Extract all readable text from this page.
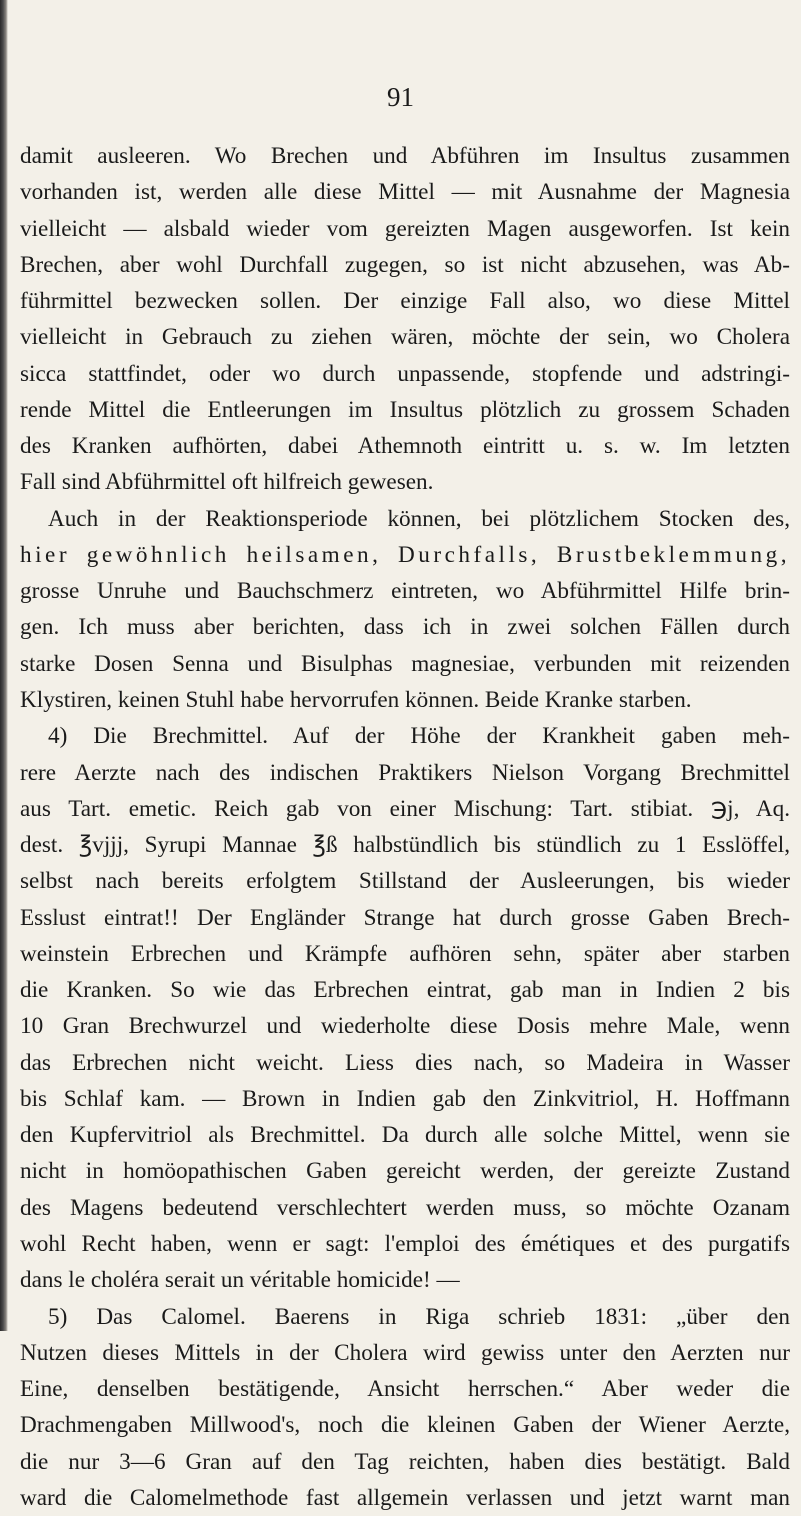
91
damit ausleeren. Wo Brechen und Abführen im Insultus zusammen
vorhanden ist, werden alle diese Mittel — mit Ausnahme der Magnesia
vielleicht — alsbald wieder vom gereizten Magen ausgeworfen. Ist kein
Brechen, aber wohl Durchfall zugegen, so ist nicht abzusehen, was Ab-
führmittel bezwecken sollen. Der einzige Fall also, wo diese Mittel
vielleicht in Gebrauch zu ziehen wären, möchte der sein, wo Cholera
sicca stattfindet, oder wo durch unpassende, stopfende und adstringi-
rende Mittel die Entleerungen im Insultus plötzlich zu grossem Schaden
des Kranken aufhörten, dabei Athemnoth eintritt u. s. w. Im letzten
Fall sind Abführmittel oft hilfreich gewesen.
Auch in der Reaktionsperiode können, bei plötzlichem Stocken des,
hier gewöhnlich heilsamen, Durchfalls, Brustbeklemmung,
grosse Unruhe und Bauchschmerz eintreten, wo Abführmittel Hilfe brin-
gen. Ich muss aber berichten, dass ich in zwei solchen Fällen durch
starke Dosen Senna und Bisulphas magnesiae, verbunden mit reizenden
Klystiren, keinen Stuhl habe hervorrufen können. Beide Kranke starben.
4) Die Brechmittel. Auf der Höhe der Krankheit gaben meh-
rere Aerzte nach des indischen Praktikers Nielson Vorgang Brechmittel
aus Tart. emetic. Reich gab von einer Mischung: Tart. stibiat. ℈j, Aq.
dest. ℥vjjj, Syrupi Mannae ℥ß halbstündlich bis stündlich zu 1 Esslöffel,
selbst nach bereits erfolgtem Stillstand der Ausleerungen, bis wieder
Esslust eintrat!! Der Engländer Strange hat durch grosse Gaben Brech-
weinstein Erbrechen und Krämpfe aufhören sehn, später aber starben
die Kranken. So wie das Erbrechen eintrat, gab man in Indien 2 bis
10 Gran Brechwurzel und wiederholte diese Dosis mehre Male, wenn
das Erbrechen nicht weicht. Liess dies nach, so Madeira in Wasser
bis Schlaf kam. — Brown in Indien gab den Zinkvitriol, H. Hoffmann
den Kupfervitriol als Brechmittel. Da durch alle solche Mittel, wenn sie
nicht in homöopathischen Gaben gereicht werden, der gereizte Zustand
des Magens bedeutend verschlechtert werden muss, so möchte Ozanam
wohl Recht haben, wenn er sagt: l'emploi des émétiques et des purgatifs
dans le choléra serait un véritable homicide! —
5) Das Calomel. Baerens in Riga schrieb 1831: „über den
Nutzen dieses Mittels in der Cholera wird gewiss unter den Aerzten nur
Eine, denselben bestätigende, Ansicht herrschen.“ Aber weder die
Drachmengaben Millwood's, noch die kleinen Gaben der Wiener Aerzte,
die nur 3—6 Gran auf den Tag reichten, haben dies bestätigt. Bald
ward die Calomelmethode fast allgemein verlassen und jetzt warnt man
